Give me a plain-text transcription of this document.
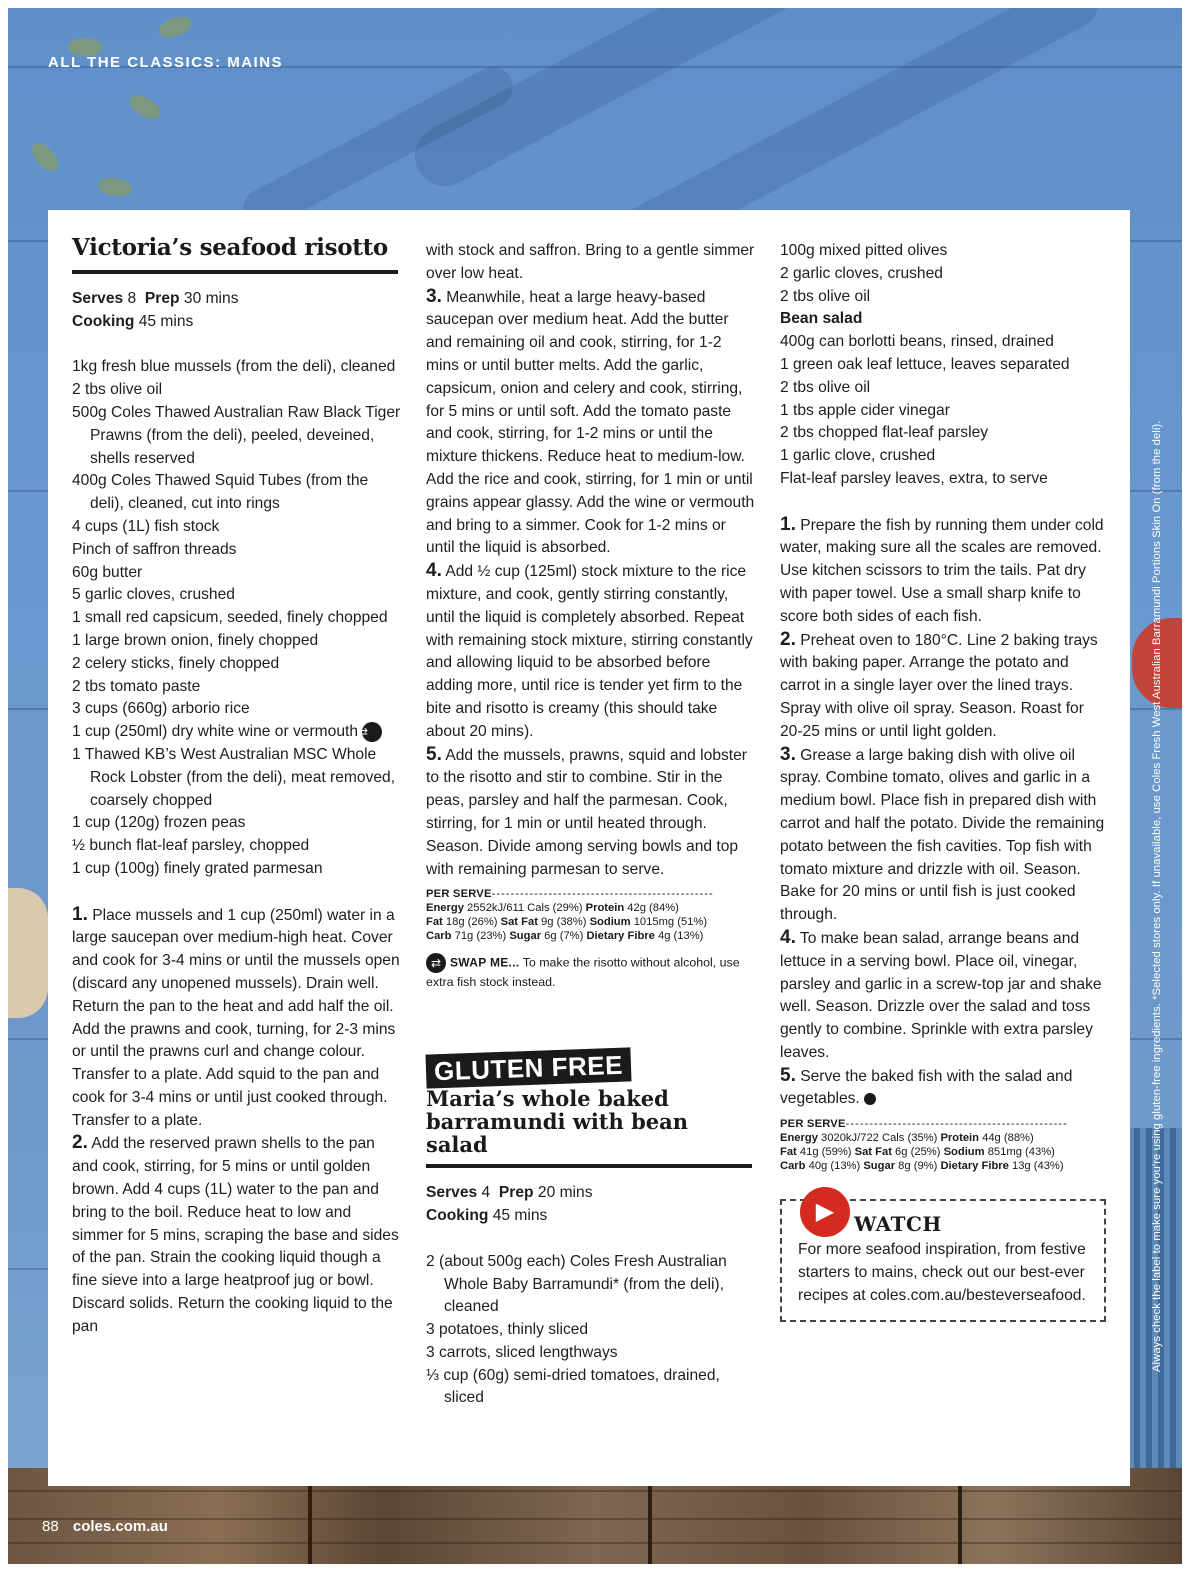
ALL THE CLASSICS: MAINS
Always check the label to make sure you're using gluten-free ingredients. *Selected stores only. If unavailable, use Coles Fresh West Australian Barramundi Portions Skin On (from the deli).
88 coles.com.au
Victoria’s seafood risotto
Serves 8 Prep 30 mins
Cooking 45 mins
1kg fresh blue mussels (from the deli), cleaned
2 tbs olive oil
500g Coles Thawed Australian Raw Black Tiger Prawns (from the deli), peeled, deveined, shells reserved
400g Coles Thawed Squid Tubes (from the deli), cleaned, cut into rings
4 cups (1L) fish stock
Pinch of saffron threads
60g butter
5 garlic cloves, crushed
1 small red capsicum, seeded, finely chopped
1 large brown onion, finely chopped
2 celery sticks, finely chopped
2 tbs tomato paste
3 cups (660g) arborio rice
1 cup (250ml) dry white wine or vermouth⇄
1 Thawed KB’s West Australian MSC Whole Rock Lobster (from the deli), meat removed, coarsely chopped
1 cup (120g) frozen peas
½ bunch flat-leaf parsley, chopped
1 cup (100g) finely grated parmesan
1. Place mussels and 1 cup (250ml) water in a large saucepan over medium-high heat. Cover and cook for 3-4 mins or until the mussels open (discard any unopened mussels). Drain well. Return the pan to the heat and add half the oil. Add the prawns and cook, turning, for 2-3 mins or until the prawns curl and change colour. Transfer to a plate. Add squid to the pan and cook for 3-4 mins or until just cooked through. Transfer to a plate.
2. Add the reserved prawn shells to the pan and cook, stirring, for 5 mins or until golden brown. Add 4 cups (1L) water to the pan and bring to the boil. Reduce heat to low and simmer for 5 mins, scraping the base and sides of the pan. Strain the cooking liquid though a fine sieve into a large heatproof jug or bowl. Discard solids. Return the cooking liquid to the pan
with stock and saffron. Bring to a gentle simmer over low heat.
3. Meanwhile, heat a large heavy-based saucepan over medium heat. Add the butter and remaining oil and cook, stirring, for 1-2 mins or until butter melts. Add the garlic, capsicum, onion and celery and cook, stirring, for 5 mins or until soft. Add the tomato paste and cook, stirring, for 1-2 mins or until the mixture thickens. Reduce heat to medium-low. Add the rice and cook, stirring, for 1 min or until grains appear glassy. Add the wine or vermouth and bring to a simmer. Cook for 1-2 mins or until the liquid is absorbed.
4. Add ½ cup (125ml) stock mixture to the rice mixture, and cook, gently stirring constantly, until the liquid is completely absorbed. Repeat with remaining stock mixture, stirring constantly and allowing liquid to be absorbed before adding more, until rice is tender yet firm to the bite and risotto is creamy (this should take about 20 mins).
5. Add the mussels, prawns, squid and lobster to the risotto and stir to combine. Stir in the peas, parsley and half the parmesan. Cook, stirring, for 1 min or until heated through. Season. Divide among serving bowls and top with remaining parmesan to serve.
PER SERVE-----------------------------------------------
Energy 2552kJ/611 Cals (29%) Protein 42g (84%)
Fat 18g (26%) Sat Fat 9g (38%) Sodium 1015mg (51%)
Carb 71g (23%) Sugar 6g (7%) Dietary Fibre 4g (13%)
⇄ SWAP ME... To make the risotto without alcohol, use extra fish stock instead.
GLUTEN FREE
Maria’s whole baked barramundi with bean salad
Serves 4 Prep 20 mins
Cooking 45 mins
2 (about 500g each) Coles Fresh Australian Whole Baby Barramundi* (from the deli), cleaned
3 potatoes, thinly sliced
3 carrots, sliced lengthways
⅓ cup (60g) semi-dried tomatoes, drained, sliced
100g mixed pitted olives
2 garlic cloves, crushed
2 tbs olive oil
Bean salad
400g can borlotti beans, rinsed, drained
1 green oak leaf lettuce, leaves separated
2 tbs olive oil
1 tbs apple cider vinegar
2 tbs chopped flat-leaf parsley
1 garlic clove, crushed
Flat-leaf parsley leaves, extra, to serve
1. Prepare the fish by running them under cold water, making sure all the scales are removed. Use kitchen scissors to trim the tails. Pat dry with paper towel. Use a small sharp knife to score both sides of each fish.
2. Preheat oven to 180°C. Line 2 baking trays with baking paper. Arrange the potato and carrot in a single layer over the lined trays. Spray with olive oil spray. Season. Roast for 20-25 mins or until light golden.
3. Grease a large baking dish with olive oil spray. Combine tomato, olives and garlic in a medium bowl. Place fish in prepared dish with carrot and half the potato. Divide the remaining potato between the fish cavities. Top fish with tomato mixture and drizzle with oil. Season. Bake for 20 mins or until fish is just cooked through.
4. To make bean salad, arrange beans and lettuce in a serving bowl. Place oil, vinegar, parsley and garlic in a screw-top jar and shake well. Season. Drizzle over the salad and toss gently to combine. Sprinkle with extra parsley leaves.
5. Serve the baked fish with the salad and vegetables.
PER SERVE-----------------------------------------------
Energy 3020kJ/722 Cals (35%) Protein 44g (88%)
Fat 41g (59%) Sat Fat 6g (25%) Sodium 851mg (43%)
Carb 40g (13%) Sugar 8g (9%) Dietary Fibre 13g (43%)
▶ WATCH
For more seafood inspiration, from festive starters to mains, check out our best-ever recipes at coles.com.au/besteverseafood.
